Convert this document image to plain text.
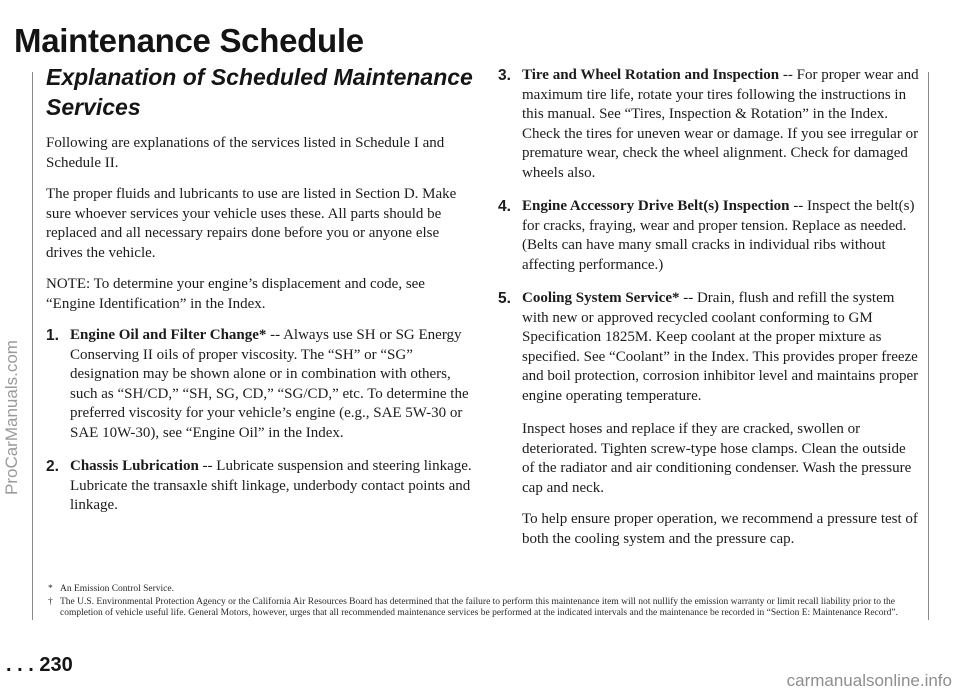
Maintenance Schedule
Explanation of Scheduled Maintenance Services

Following are explanations of the services listed in Schedule I and Schedule II.

The proper fluids and lubricants to use are listed in Section D. Make sure whoever services your vehicle uses these. All parts should be replaced and all necessary repairs done before you or anyone else drives the vehicle.

NOTE: To determine your engine’s displacement and code, see “Engine Identification” in the Index.

1. Engine Oil and Filter Change* -- Always use SH or SG Energy Conserving II oils of proper viscosity. The “SH” or “SG” designation may be shown alone or in combination with others, such as “SH/CD,” “SH, SG, CD,” “SG/CD,” etc. To determine the preferred viscosity for your vehicle’s engine (e.g., SAE 5W-30 or SAE 10W-30), see “Engine Oil” in the Index.
2. Chassis Lubrication -- Lubricate suspension and steering linkage. Lubricate the transaxle shift linkage, underbody contact points and linkage.
3. Tire and Wheel Rotation and Inspection -- For proper wear and maximum tire life, rotate your tires following the instructions in this manual. See “Tires, Inspection & Rotation” in the Index. Check the tires for uneven wear or damage. If you see irregular or premature wear, check the wheel alignment. Check for damaged wheels also.
4. Engine Accessory Drive Belt(s) Inspection -- Inspect the belt(s) for cracks, fraying, wear and proper tension. Replace as needed. (Belts can have many small cracks in individual ribs without affecting performance.)
5. Cooling System Service* -- Drain, flush and refill the system with new or approved recycled coolant conforming to GM Specification 1825M. Keep coolant at the proper mixture as specified. See “Coolant” in the Index. This provides proper freeze and boil protection, corrosion inhibitor level and maintains proper engine operating temperature.

Inspect hoses and replace if they are cracked, swollen or deteriorated. Tighten screw-type hose clamps. Clean the outside of the radiator and air conditioning condenser. Wash the pressure cap and neck.

To help ensure proper operation, we recommend a pressure test of both the cooling system and the pressure cap.

* An Emission Control Service.
† The U.S. Environmental Protection Agency or the California Air Resources Board has determined that the failure to perform this maintenance item will not nullify the emission warranty or limit recall liability prior to the completion of vehicle useful life. General Motors, however, urges that all recommended maintenance services be performed at the indicated intervals and the maintenance be recorded in “Section E: Maintenance Record”.
. . . 230
ProCarManuals.com
carmanualsonline.info
